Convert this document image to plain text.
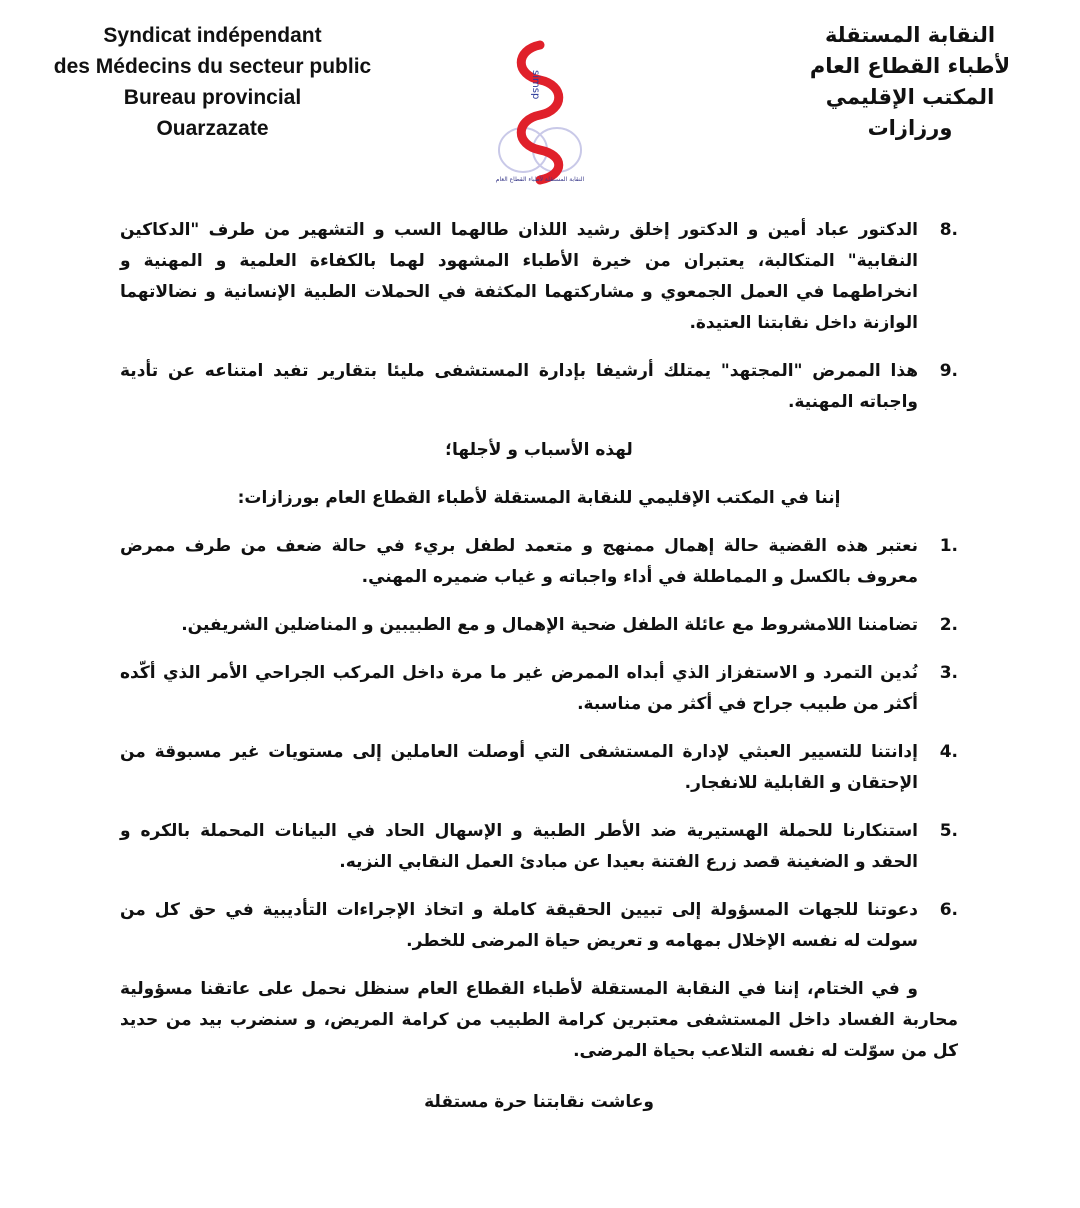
Syndicat indépendant
des Médecins du secteur public
Bureau provincial
Ouarzazate
simsp
النقابة المستقلة لأطباء القطاع العام
النقابة المستقلة
لأطباء القطاع العام
المكتب الإقليمي
ورزازات
8.
الدكتور عباد أمين و الدكتور إخلق رشيد اللذان طالهما السب و التشهير من طرف "الدكاكين النقابية" المتكالبة، يعتبران من خيرة الأطباء المشهود لهما بالكفاءة العلمية و المهنية و انخراطهما في العمل الجمعوي و مشاركتهما المكثفة في الحملات الطبية الإنسانية و نضالاتهما الوازنة داخل نقابتنا العتيدة.
9.
هذا الممرض "المجتهد" يمتلك أرشيفا بإدارة المستشفى مليئا بتقارير تفيد امتناعه عن تأدية واجباته المهنية.
لهذه الأسباب و لأجلها؛
إننا في المكتب الإقليمي للنقابة المستقلة لأطباء القطاع العام بورزازات:
1.
نعتبر هذه القضية حالة إهمال ممنهج و متعمد لطفل بريء في حالة ضعف من طرف ممرض معروف بالكسل و المماطلة في أداء واجباته و غياب ضميره المهني.
2.
تضامننا اللامشروط مع عائلة الطفل ضحية الإهمال و مع الطبيبين و المناضلين الشريفين.
3.
نُدين التمرد و الاستفزاز الذي أبداه الممرض غير ما مرة داخل المركب الجراحي الأمر الذي أكّده أكثر من طبيب جراح في أكثر من مناسبة.
4.
إدانتنا للتسيير العبثي لإدارة المستشفى التي أوصلت العاملين إلى مستويات غير مسبوقة من الإحتقان و القابلية للانفجار.
5.
استنكارنا للحملة الهستيرية ضد الأطر الطبية و الإسهال الحاد في البيانات المحملة بالكره و الحقد و الضغينة قصد زرع الفتنة بعيدا عن مبادئ العمل النقابي النزيه.
6.
دعوتنا للجهات المسؤولة إلى تبيين الحقيقة كاملة و اتخاذ الإجراءات التأديبية في حق كل من سولت له نفسه الإخلال بمهامه و تعريض حياة المرضى للخطر.
و في الختام، إننا في النقابة المستقلة لأطباء القطاع العام سنظل نحمل على عاتقنا مسؤولية محاربة الفساد داخل المستشفى معتبرين كرامة الطبيب من كرامة المريض، و سنضرب بيد من حديد كل من سوّلت له نفسه التلاعب بحياة المرضى.
وعاشت نقابتنا حرة مستقلة
